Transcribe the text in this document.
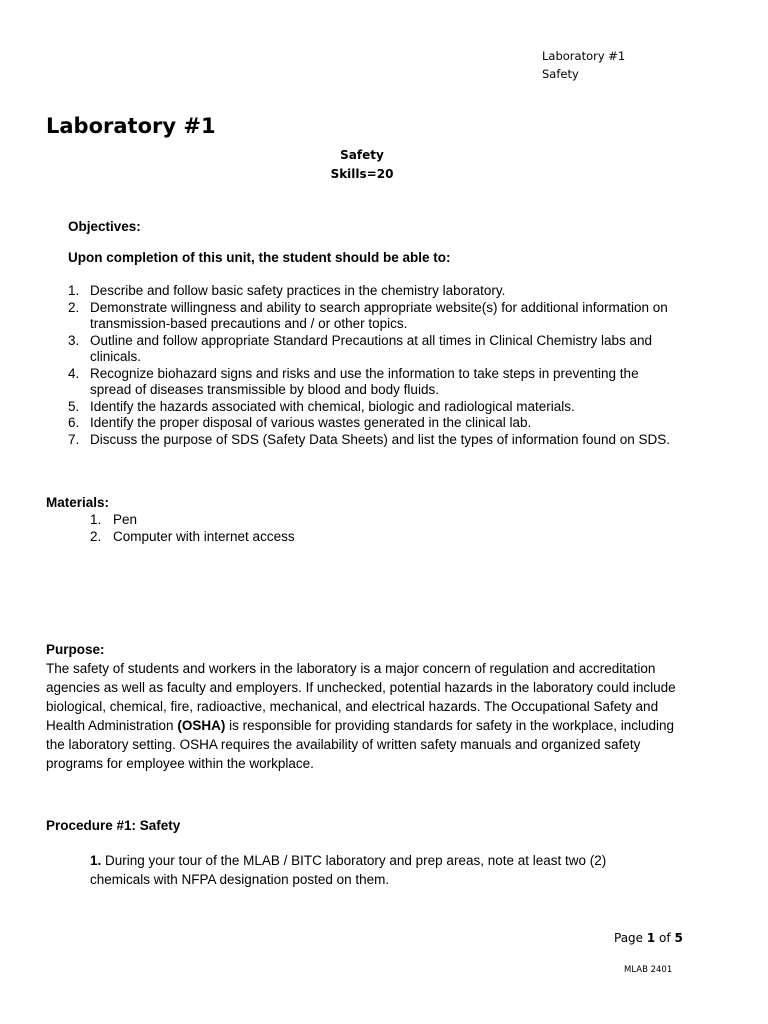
Laboratory #1
Safety
Laboratory #1
Safety
Skills=20
Objectives:
Upon completion of this unit, the student should be able to:
1. Describe and follow basic safety practices in the chemistry laboratory.
2. Demonstrate willingness and ability to search appropriate website(s) for additional information on transmission-based precautions and / or other topics.
3. Outline and follow appropriate Standard Precautions at all times in Clinical Chemistry labs and clinicals.
4. Recognize biohazard signs and risks and use the information to take steps in preventing the spread of diseases transmissible by blood and body fluids.
5. Identify the hazards associated with chemical, biologic and radiological materials.
6. Identify the proper disposal of various wastes generated in the clinical lab.
7. Discuss the purpose of SDS (Safety Data Sheets) and list the types of information found on SDS.
Materials:
1. Pen
2. Computer with internet access
Purpose:
The safety of students and workers in the laboratory is a major concern of regulation and accreditation agencies as well as faculty and employers. If unchecked, potential hazards in the laboratory could include biological, chemical, fire, radioactive, mechanical, and electrical hazards. The Occupational Safety and Health Administration (OSHA) is responsible for providing standards for safety in the workplace, including the laboratory setting. OSHA requires the availability of written safety manuals and organized safety programs for employee within the workplace.
Procedure #1: Safety
1. During your tour of the MLAB / BITC laboratory and prep areas, note at least two (2) chemicals with NFPA designation posted on them.
Page 1 of 5
MLAB 2401
